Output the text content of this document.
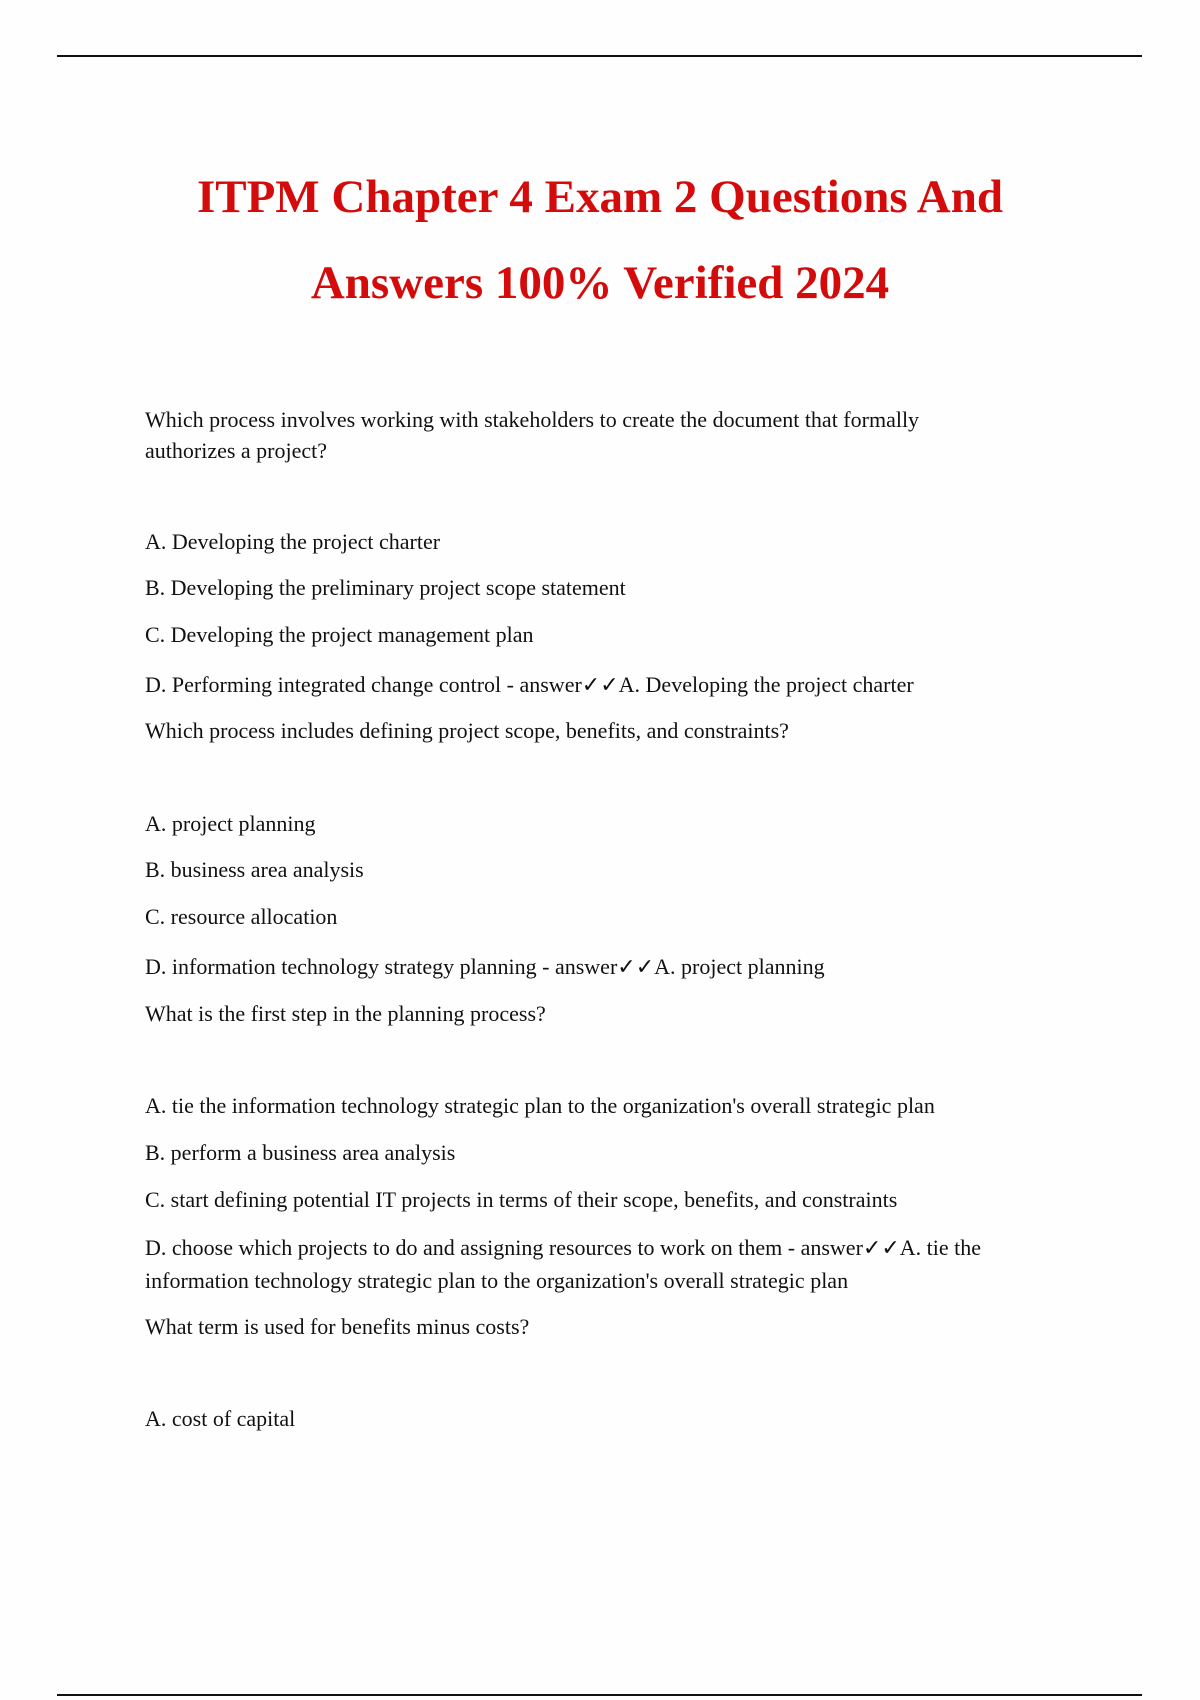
ITPM Chapter 4 Exam 2 Questions And
Answers 100% Verified 2024
Which process involves working with stakeholders to create the document that formally
authorizes a project?
A. Developing the project charter
B. Developing the preliminary project scope statement
C. Developing the project management plan
D. Performing integrated change control - answer✓✓A. Developing the project charter
Which process includes defining project scope, benefits, and constraints?
A. project planning
B. business area analysis
C. resource allocation
D. information technology strategy planning - answer✓✓A. project planning
What is the first step in the planning process?
A. tie the information technology strategic plan to the organization's overall strategic plan
B. perform a business area analysis
C. start defining potential IT projects in terms of their scope, benefits, and constraints
D. choose which projects to do and assigning resources to work on them - answer✓✓A. tie the
information technology strategic plan to the organization's overall strategic plan
What term is used for benefits minus costs?
A. cost of capital
